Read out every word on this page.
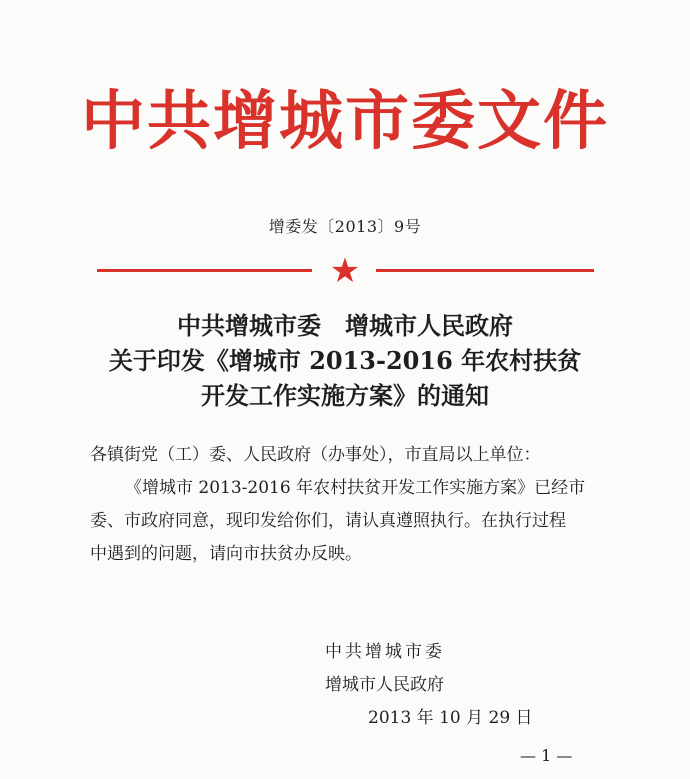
中共增城市委文件
增委发〔2013〕9号
★
中共增城市委　增城市人民政府
关于印发《增城市 2013-2016 年农村扶贫
开发工作实施方案》的通知
各镇街党（工）委、人民政府（办事处），市直局以上单位：
《增城市 2013-2016 年农村扶贫开发工作实施方案》已经市
委、市政府同意，现印发给你们，请认真遵照执行。在执行过程
中遇到的问题，请向市扶贫办反映。
中共增城市委
增城市人民政府
2013 年 10 月 29 日
— 1 —
